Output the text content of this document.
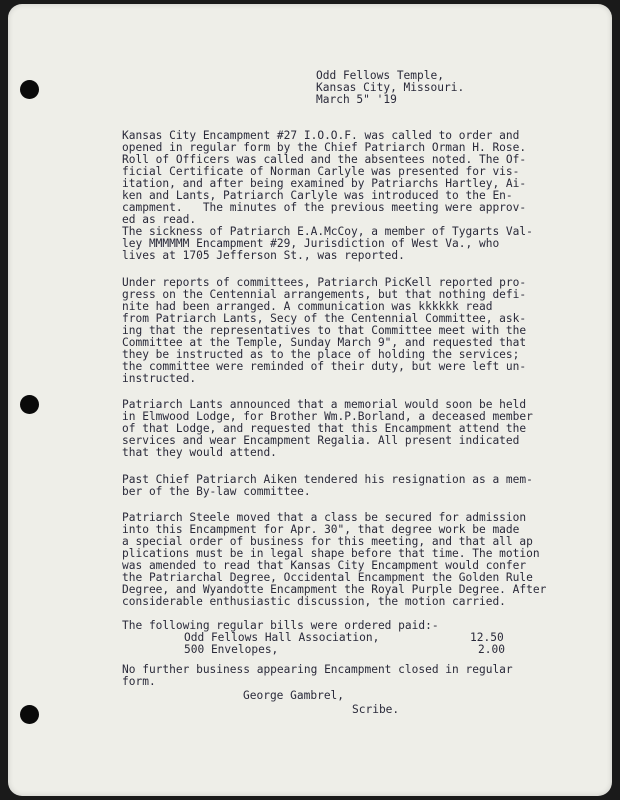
Odd Fellows Temple,
Kansas City, Missouri.
March 5" '19
Kansas City Encampment #27 I.O.O.F. was called to order and
opened in regular form by the Chief Patriarch Orman H. Rose.
Roll of Officers was called and the absentees noted. The Of-
ficial Certificate of Norman Carlyle was presented for vis-
itation, and after being examined by Patriarchs Hartley, Ai-
ken and Lants, Patriarch Carlyle was introduced to the En-
campment.   The minutes of the previous meeting were approv-
ed as read.
The sickness of Patriarch E.A.McCoy, a member of Tygarts Val-
ley MMMMMM Encampment #29, Jurisdiction of West Va., who
lives at 1705 Jefferson St., was reported.
Under reports of committees, Patriarch PicKell reported pro-
gress on the Centennial arrangements, but that nothing defi-
nite had been arranged. A communication was kkkkkk read
from Patriarch Lants, Secy of the Centennial Committee, ask-
ing that the representatives to that Committee meet with the
Committee at the Temple, Sunday March 9", and requested that
they be instructed as to the place of holding the services;
the committee were reminded of their duty, but were left un-
instructed.
Patriarch Lants announced that a memorial would soon be held
in Elmwood Lodge, for Brother Wm.P.Borland, a deceased member
of that Lodge, and requested that this Encampment attend the
services and wear Encampment Regalia. All present indicated
that they would attend.
Past Chief Patriarch Aiken tendered his resignation as a mem-
ber of the By-law committee.
Patriarch Steele moved that a class be secured for admission
into this Encampment for Apr. 30", that degree work be made
a special order of business for this meeting, and that all ap
plications must be in legal shape before that time. The motion
was amended to read that Kansas City Encampment would confer
the Patriarchal Degree, Occidental Encampment the Golden Rule
Degree, and Wyandotte Encampment the Royal Purple Degree. After
considerable enthusiastic discussion, the motion carried.
The following regular bills were ordered paid:-
Odd Fellows Hall Association,	12.50
500 Envelopes,	2.00
No further business appearing Encampment closed in regular
form.
George Gambrel,
Scribe.
